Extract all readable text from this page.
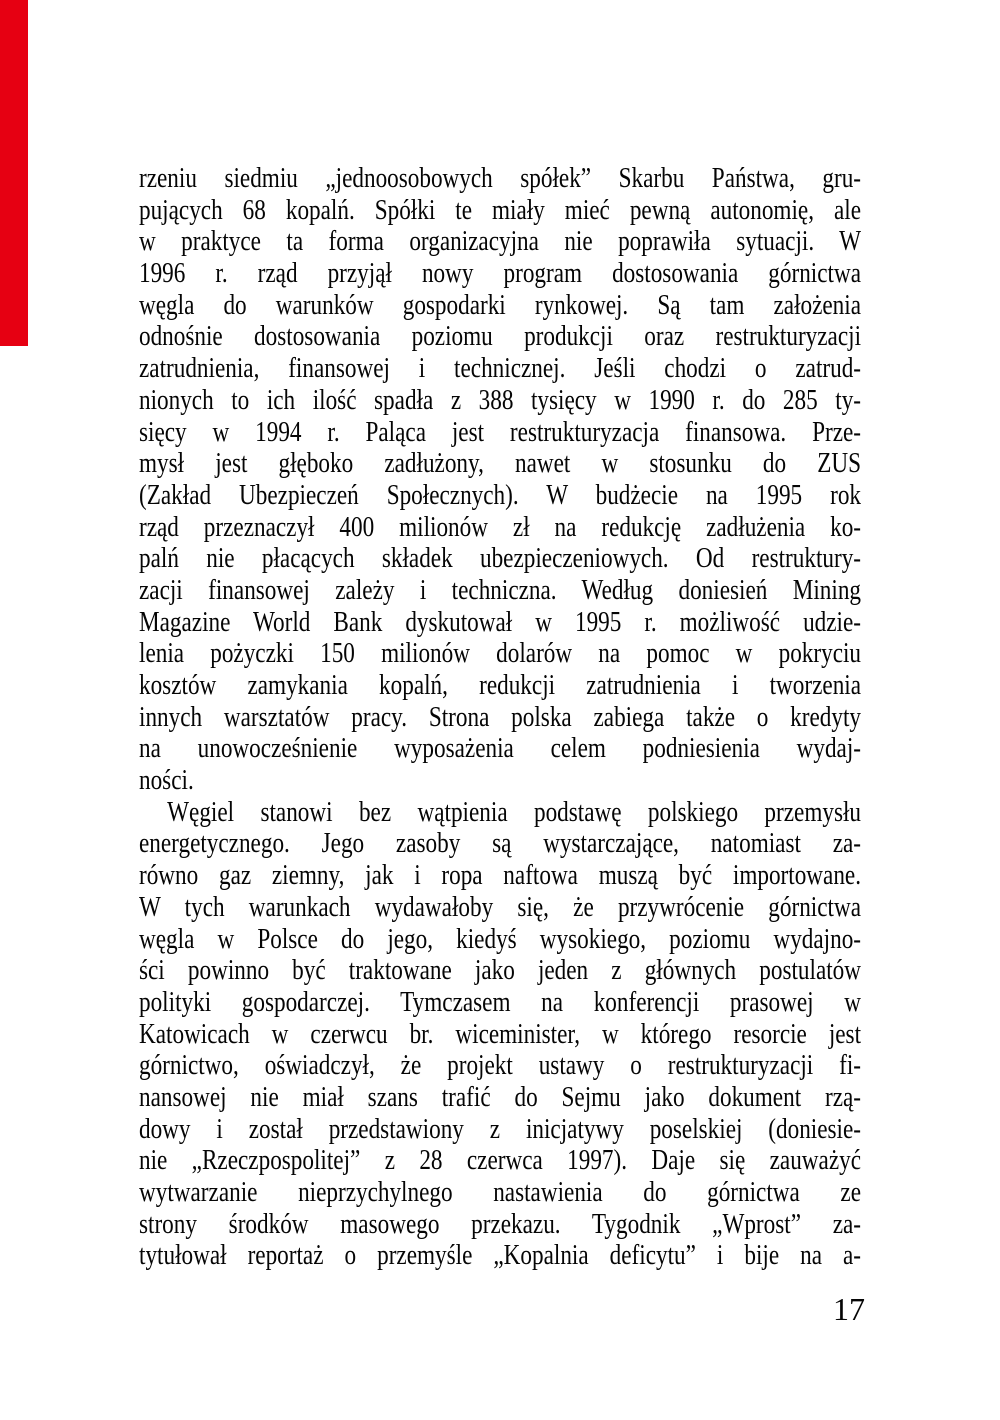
rzeniu siedmiu „jednoosobowych spółek” Skarbu Państwa, gru-
pujących 68 kopalń. Spółki te miały mieć pewną autonomię, ale
w praktyce ta forma organizacyjna nie poprawiła sytuacji. W
1996 r. rząd przyjął nowy program dostosowania górnictwa
węgla do warunków gospodarki rynkowej. Są tam założenia
odnośnie dostosowania poziomu produkcji oraz restrukturyzacji
zatrudnienia, finansowej i technicznej. Jeśli chodzi o zatrud-
nionych to ich ilość spadła z 388 tysięcy w 1990 r. do 285 ty-
sięcy w 1994 r. Paląca jest restrukturyzacja finansowa. Prze-
mysł jest głęboko zadłużony, nawet w stosunku do ZUS
(Zakład Ubezpieczeń Społecznych). W budżecie na 1995 rok
rząd przeznaczył 400 milionów zł na redukcję zadłużenia ko-
palń nie płacących składek ubezpieczeniowych. Od restruktury-
zacji finansowej zależy i techniczna. Według doniesień Mining
Magazine World Bank dyskutował w 1995 r. możliwość udzie-
lenia pożyczki 150 milionów dolarów na pomoc w pokryciu
kosztów zamykania kopalń, redukcji zatrudnienia i tworzenia
innych warsztatów pracy. Strona polska zabiega także o kredyty
na unowocześnienie wyposażenia celem podniesienia wydaj-
ności.
Węgiel stanowi bez wątpienia podstawę polskiego przemysłu
energetycznego. Jego zasoby są wystarczające, natomiast za-
równo gaz ziemny, jak i ropa naftowa muszą być importowane.
W tych warunkach wydawałoby się, że przywrócenie górnictwa
węgla w Polsce do jego, kiedyś wysokiego, poziomu wydajno-
ści powinno być traktowane jako jeden z głównych postulatów
polityki gospodarczej. Tymczasem na konferencji prasowej w
Katowicach w czerwcu br. wiceminister, w którego resorcie jest
górnictwo, oświadczył, że projekt ustawy o restrukturyzacji fi-
nansowej nie miał szans trafić do Sejmu jako dokument rzą-
dowy i został przedstawiony z inicjatywy poselskiej (doniesie-
nie „Rzeczpospolitej” z 28 czerwca 1997). Daje się zauważyć
wytwarzanie nieprzychylnego nastawienia do górnictwa ze
strony środków masowego przekazu. Tygodnik „Wprost” za-
tytułował reportaż o przemyśle „Kopalnia deficytu” i bije na a-
17
